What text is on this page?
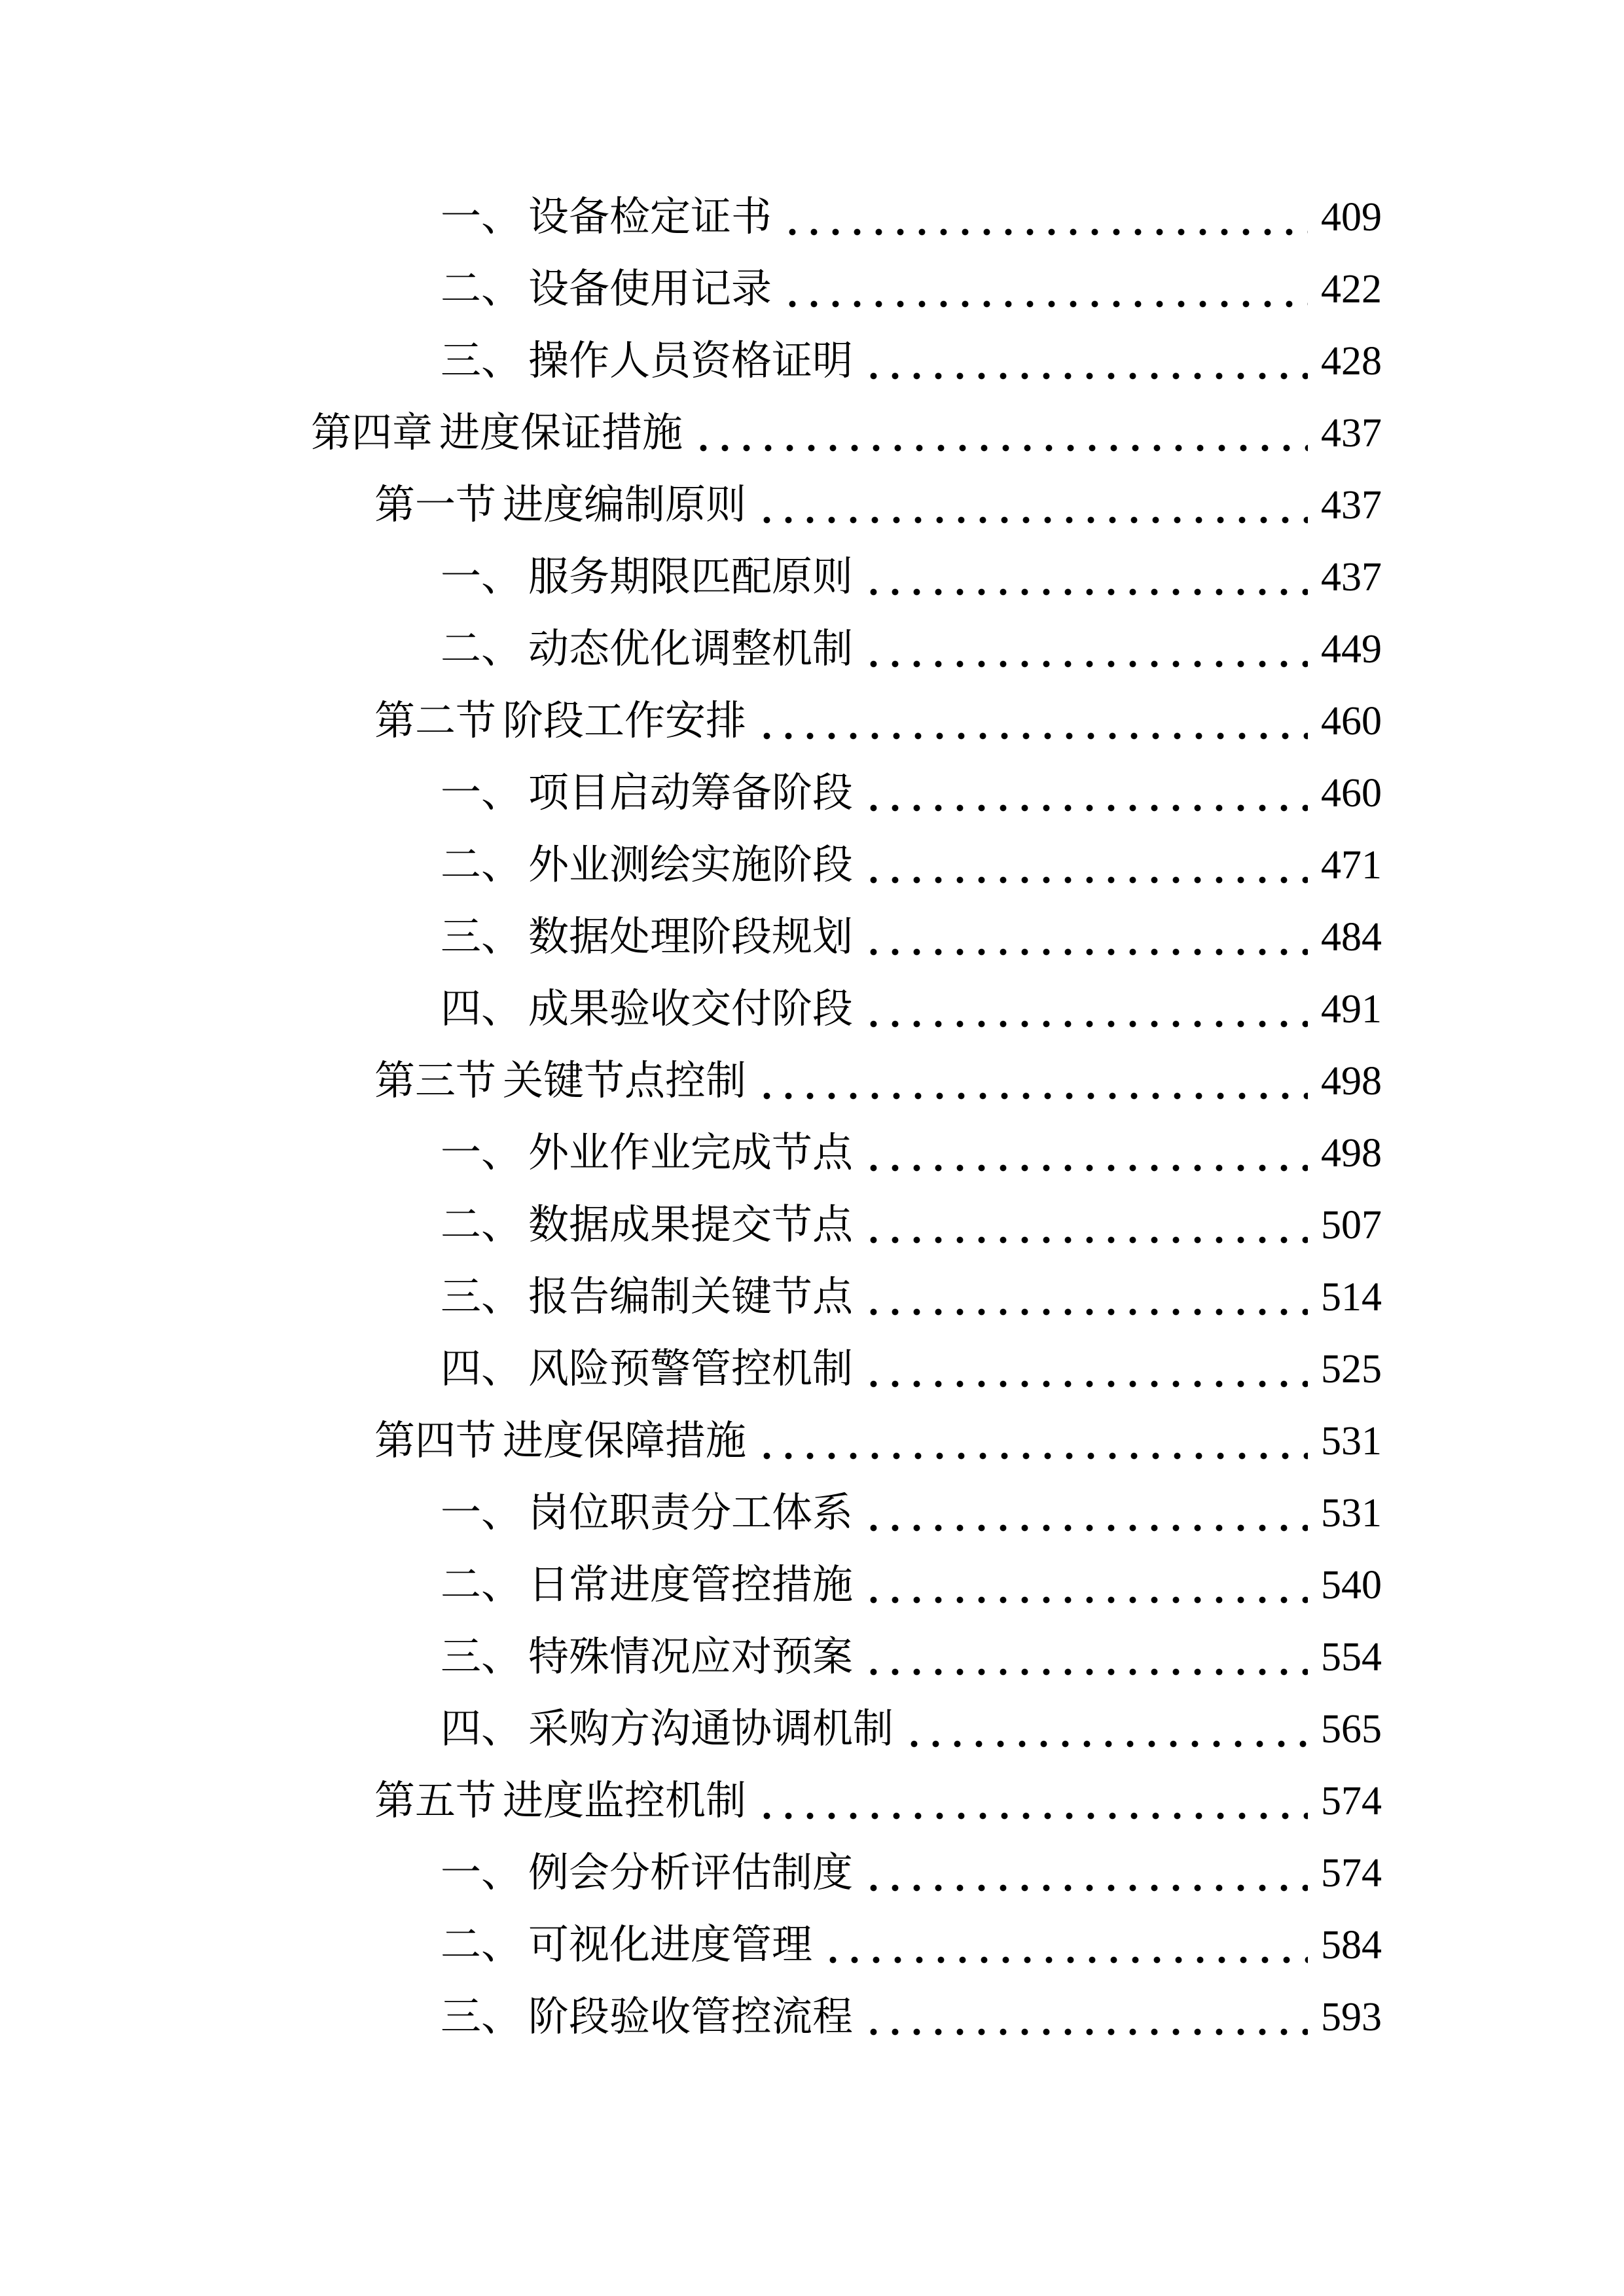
一、 设备检定证书	409
二、 设备使用记录	422
三、 操作人员资格证明	428
第四章 进度保证措施	437
第一节 进度编制原则	437
一、 服务期限匹配原则	437
二、 动态优化调整机制	449
第二节 阶段工作安排	460
一、 项目启动筹备阶段	460
二、 外业测绘实施阶段	471
三、 数据处理阶段规划	484
四、 成果验收交付阶段	491
第三节 关键节点控制	498
一、 外业作业完成节点	498
二、 数据成果提交节点	507
三、 报告编制关键节点	514
四、 风险预警管控机制	525
第四节 进度保障措施	531
一、 岗位职责分工体系	531
二、 日常进度管控措施	540
三、 特殊情况应对预案	554
四、 采购方沟通协调机制	565
第五节 进度监控机制	574
一、 例会分析评估制度	574
二、 可视化进度管理	584
三、 阶段验收管控流程	593
